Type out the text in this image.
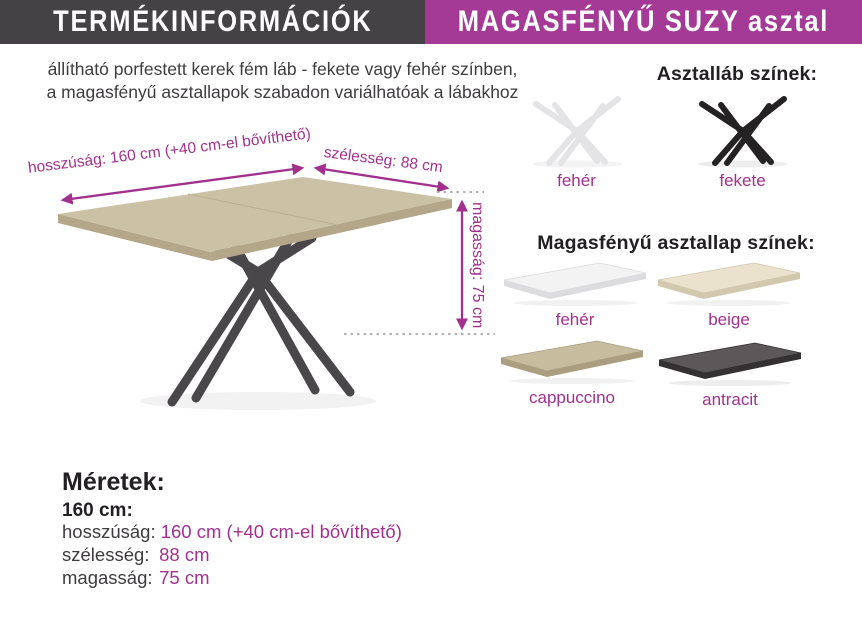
TERMÉKINFORMÁCIÓK	MAGASFÉNYŰ SUZY asztal
állítható porfestett kerek fém láb - fekete vagy fehér színben,
a magasfényű asztallapok szabadon variálhatóak a lábakhoz
hosszúság: 160 cm (+40 cm-el bővíthető) szélesség: 88 cm
magasság: 75 cm
Asztalláb színek:
fehér	fekete
Magasfényű asztallap színek:
fehér	beige
cappuccino	antracit
Méretek:
160 cm:
hosszúság: 160 cm (+40 cm-el bővíthető)
szélesség: 88 cm
magasság: 75 cm
